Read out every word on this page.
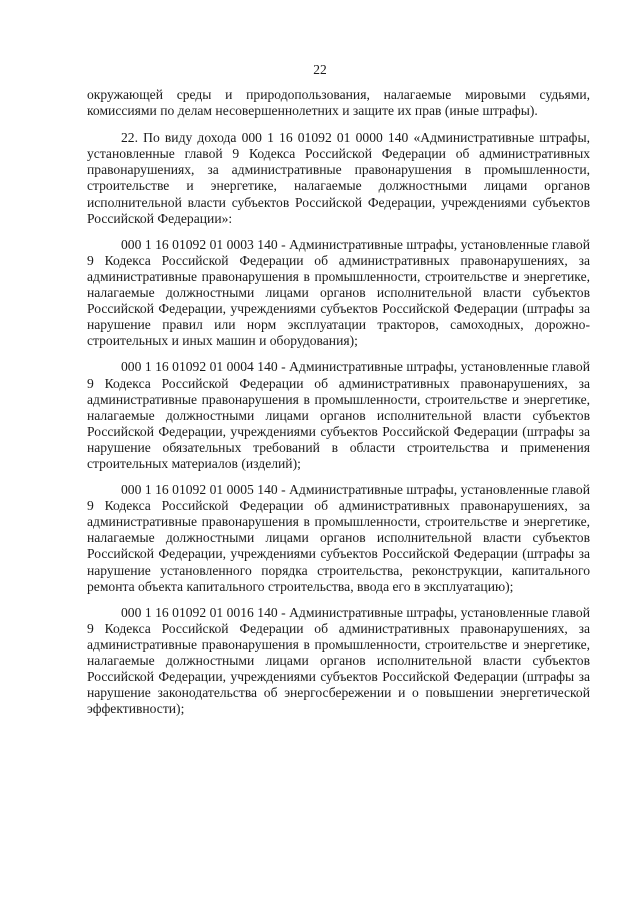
22

окружающей среды и природопользования, налагаемые мировыми судьями, комиссиями по делам несовершеннолетних и защите их прав (иные штрафы).

22. По виду дохода 000 1 16 01092 01 0000 140 «Административные штрафы, установленные главой 9 Кодекса Российской Федерации об административных правонарушениях, за административные правонарушения в промышленности, строительстве и энергетике, налагаемые должностными лицами органов исполнительной власти субъектов Российской Федерации, учреждениями субъектов Российской Федерации»:

000 1 16 01092 01 0003 140 - Административные штрафы, установленные главой 9 Кодекса Российской Федерации об административных правонарушениях, за административные правонарушения в промышленности, строительстве и энергетике, налагаемые должностными лицами органов исполнительной власти субъектов Российской Федерации, учреждениями субъектов Российской Федерации (штрафы за нарушение правил или норм эксплуатации тракторов, самоходных, дорожно-строительных и иных машин и оборудования);

000 1 16 01092 01 0004 140 - Административные штрафы, установленные главой 9 Кодекса Российской Федерации об административных правонарушениях, за административные правонарушения в промышленности, строительстве и энергетике, налагаемые должностными лицами органов исполнительной власти субъектов Российской Федерации, учреждениями субъектов Российской Федерации (штрафы за нарушение обязательных требований в области строительства и применения строительных материалов (изделий);

000 1 16 01092 01 0005 140 - Административные штрафы, установленные главой 9 Кодекса Российской Федерации об административных правонарушениях, за административные правонарушения в промышленности, строительстве и энергетике, налагаемые должностными лицами органов исполнительной власти субъектов Российской Федерации, учреждениями субъектов Российской Федерации (штрафы за нарушение установленного порядка строительства, реконструкции, капитального ремонта объекта капитального строительства, ввода его в эксплуатацию);

000 1 16 01092 01 0016 140 - Административные штрафы, установленные главой 9 Кодекса Российской Федерации об административных правонарушениях, за административные правонарушения в промышленности, строительстве и энергетике, налагаемые должностными лицами органов исполнительной власти субъектов Российской Федерации, учреждениями субъектов Российской Федерации (штрафы за нарушение законодательства об энергосбережении и о повышении энергетической эффективности);
